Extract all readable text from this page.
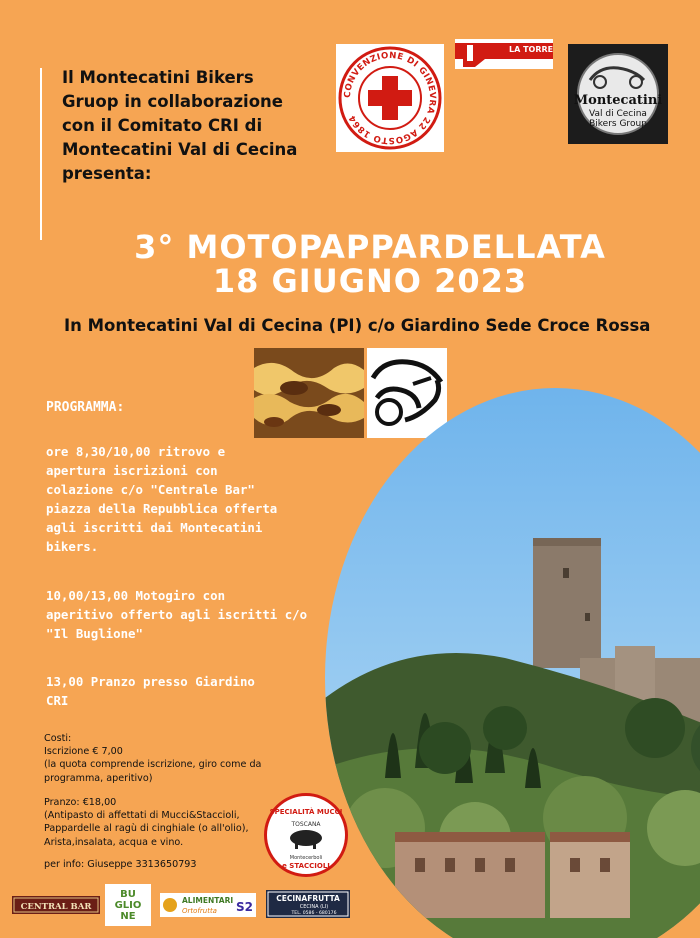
Il Montecatini Bikers
Gruop in collaborazione
con il Comitato CRI di
Montecatini Val di Cecina
presenta:
CONVENZIONE DI GINEVRA 22 AGOSTO 1864
LA TORRE
Montecatini
Val di Cecina
Bikers Group
3° MOTOPAPPARDELLATA
18 GIUGNO 2023
In Montecatini Val di Cecina (PI) c/o Giardino Sede Croce Rossa
PROGRAMMA:
ore 8,30/10,00 ritrovo e
apertura iscrizioni con
colazione c/o "Centrale Bar"
piazza della Repubblica offerta
agli iscritti dai Montecatini
bikers.
10,00/13,00 Motogiro con
aperitivo offerto agli iscritti c/o
"Il Buglione"
13,00 Pranzo presso Giardino
CRI
Costi:
Iscrizione € 7,00
(la quota comprende iscrizione, giro come da
programma, aperitivo)
Pranzo: €18,00
(Antipasto di affettati di Mucci&Staccioli,
Pappardelle al ragù di cinghiale (o all'olio),
Arista,insalata, acqua e vino.
per info: Giuseppe 3313650793
SPECIALITÀ MUCCI
TOSCANA
Montecerboli
e STACCIOLI
CENTRAL BAR
BU
GLIO
NE
ALIMENTARI
Ortofrutta S2
CECINAFRUTTA
CECINA (LI)
TEL. 0586 - 680176
